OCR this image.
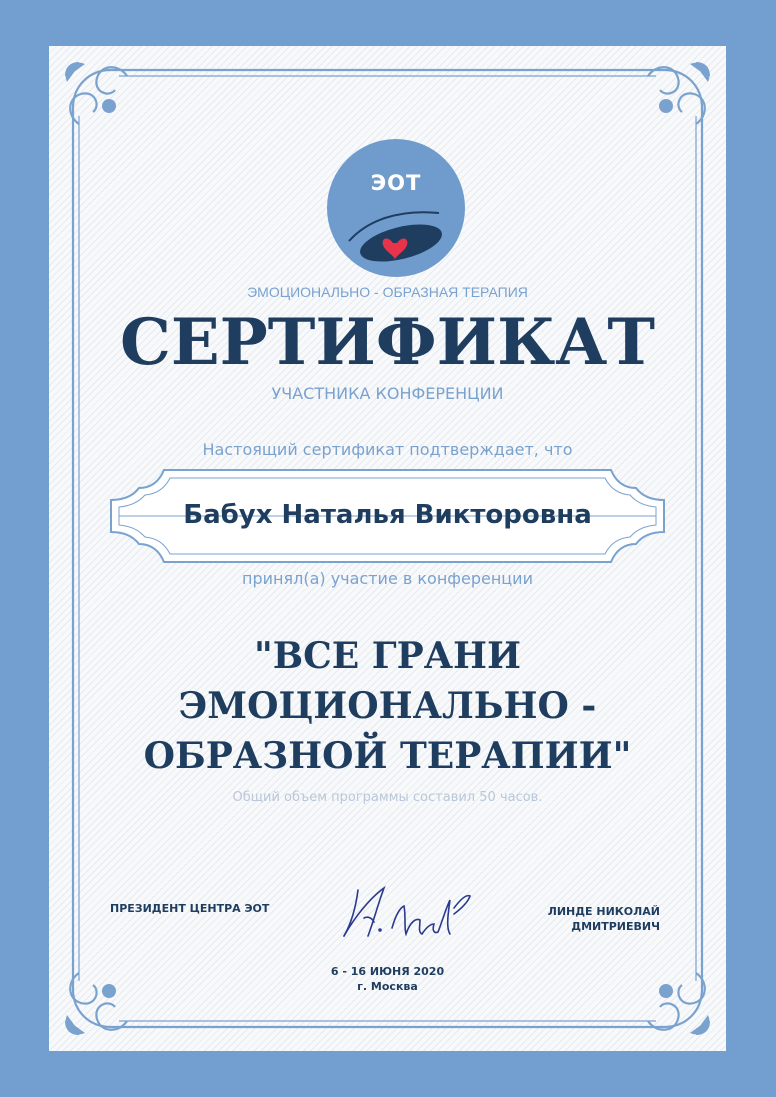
ЭОТ
ЭМОЦИОНАЛЬНО - ОБРАЗНАЯ ТЕРАПИЯ
СЕРТИФИКАТ
УЧАСТНИКА КОНФЕРЕНЦИИ
Настоящий сертификат подтверждает, что
Бабух Наталья Викторовна
принял(а) участие в конференции
"ВСЕ ГРАНИ
ЭМОЦИОНАЛЬНО -
ОБРАЗНОЙ ТЕРАПИИ"
Общий объем программы составил 50 часов.
ПРЕЗИДЕНТ ЦЕНТРА ЭОТ	ЛИНДЕ НИКОЛАЙ
ДМИТРИЕВИЧ
6 - 16 ИЮНЯ 2020
г. Москва
